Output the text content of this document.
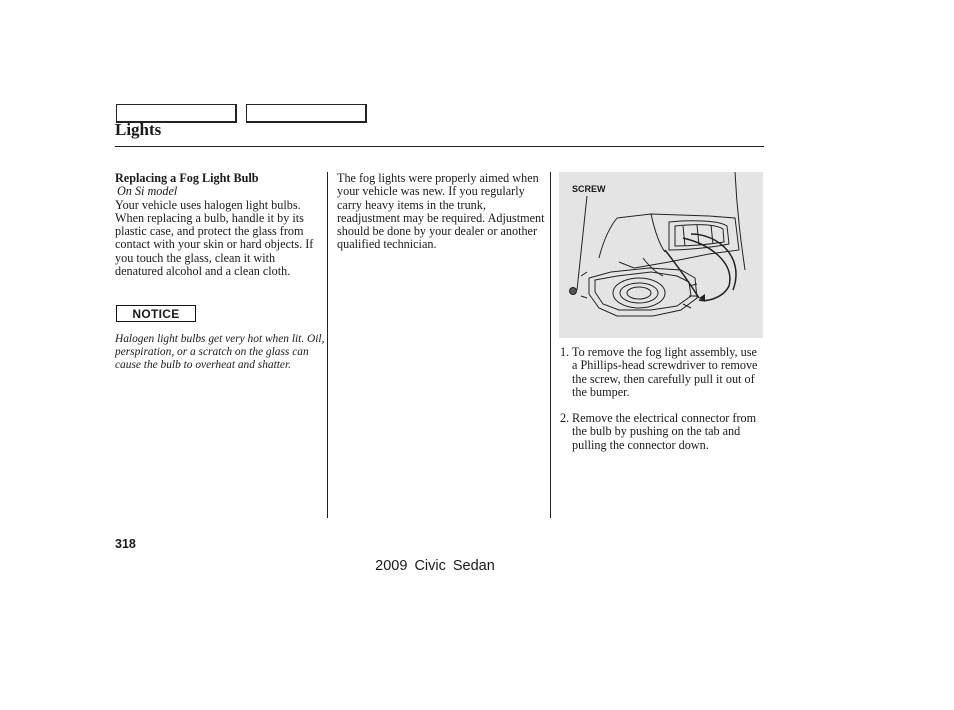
Lights
Replacing a Fog Light Bulb
On Si model
Your vehicle uses halogen light bulbs. When replacing a bulb, handle it by its plastic case, and protect the glass from contact with your skin or hard objects. If you touch the glass, clean it with denatured alcohol and a clean cloth.
NOTICE
Halogen light bulbs get very hot when lit. Oil, perspiration, or a scratch on the glass can cause the bulb to overheat and shatter.
The fog lights were properly aimed when your vehicle was new. If you regularly carry heavy items in the trunk, readjustment may be required. Adjustment should be done by your dealer or another qualified technician.
SCREW
1. To remove the fog light assembly, use a Phillips-head screwdriver to remove the screw, then carefully pull it out of the bumper.
2. Remove the electrical connector from the bulb by pushing on the tab and pulling the connector down.
318
2009 Civic Sedan
